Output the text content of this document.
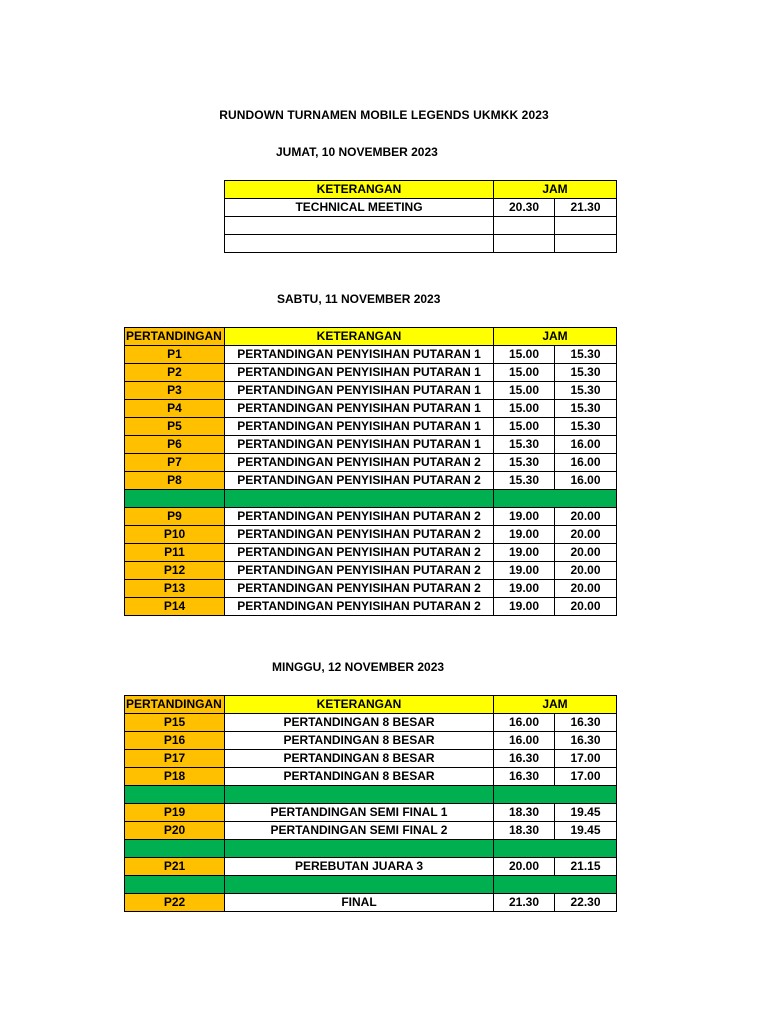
RUNDOWN TURNAMEN MOBILE LEGENDS UKMKK 2023
JUMAT, 10 NOVEMBER 2023
KETERANGAN	JAM	
TECHNICAL MEETING	20.30	21.30

SABTU, 11 NOVEMBER 2023
PERTANDINGAN	KETERANGAN	JAM	
P1	PERTANDINGAN PENYISIHAN PUTARAN 1	15.00	15.30
P2	PERTANDINGAN PENYISIHAN PUTARAN 1	15.00	15.30
P3	PERTANDINGAN PENYISIHAN PUTARAN 1	15.00	15.30
P4	PERTANDINGAN PENYISIHAN PUTARAN 1	15.00	15.30
P5	PERTANDINGAN PENYISIHAN PUTARAN 1	15.00	15.30
P6	PERTANDINGAN PENYISIHAN PUTARAN 1	15.30	16.00
P7	PERTANDINGAN PENYISIHAN PUTARAN 2	15.30	16.00
P8	PERTANDINGAN PENYISIHAN PUTARAN 2	15.30	16.00

P9	PERTANDINGAN PENYISIHAN PUTARAN 2	19.00	20.00
P10	PERTANDINGAN PENYISIHAN PUTARAN 2	19.00	20.00
P11	PERTANDINGAN PENYISIHAN PUTARAN 2	19.00	20.00
P12	PERTANDINGAN PENYISIHAN PUTARAN 2	19.00	20.00
P13	PERTANDINGAN PENYISIHAN PUTARAN 2	19.00	20.00
P14	PERTANDINGAN PENYISIHAN PUTARAN 2	19.00	20.00
MINGGU, 12 NOVEMBER 2023
PERTANDINGAN	KETERANGAN	JAM	
P15	PERTANDINGAN 8 BESAR	16.00	16.30
P16	PERTANDINGAN 8 BESAR	16.00	16.30
P17	PERTANDINGAN 8 BESAR	16.30	17.00
P18	PERTANDINGAN 8 BESAR	16.30	17.00

P19	PERTANDINGAN SEMI FINAL 1	18.30	19.45
P20	PERTANDINGAN SEMI FINAL 2	18.30	19.45

P21	PEREBUTAN JUARA 3	20.00	21.15

P22	FINAL	21.30	22.30
